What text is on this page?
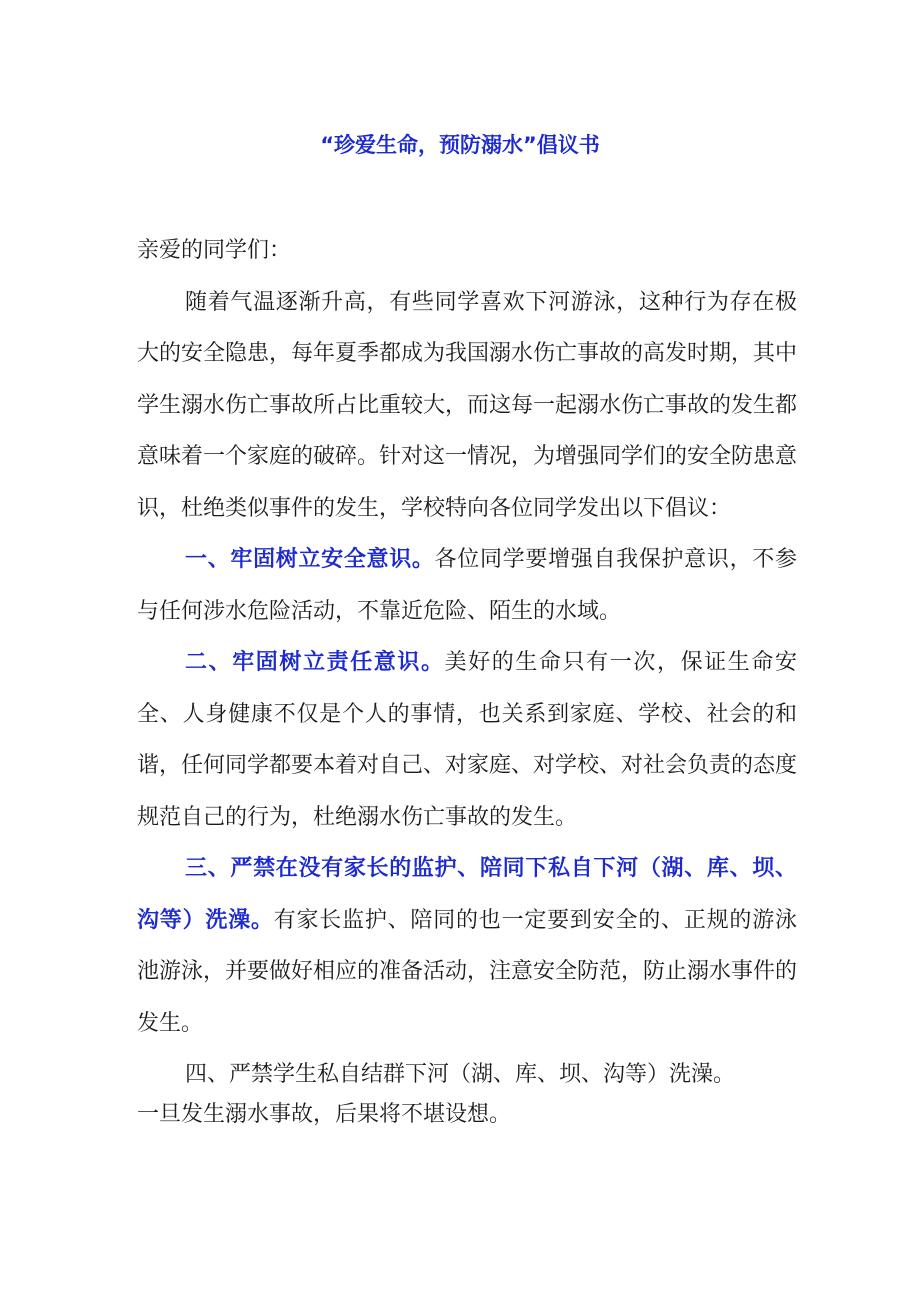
“珍爱生命，预防溺水”倡议书

亲爱的同学们：

随着气温逐渐升高，有些同学喜欢下河游泳，这种行为存在极大的安全隐患，每年夏季都成为我国溺水伤亡事故的高发时期，其中学生溺水伤亡事故所占比重较大，而这每一起溺水伤亡事故的发生都意味着一个家庭的破碎。针对这一情况，为增强同学们的安全防患意识，杜绝类似事件的发生，学校特向各位同学发出以下倡议：

一、牢固树立安全意识。各位同学要增强自我保护意识，不参与任何涉水危险活动，不靠近危险、陌生的水域。

二、牢固树立责任意识。美好的生命只有一次，保证生命安全、人身健康不仅是个人的事情，也关系到家庭、学校、社会的和谐，任何同学都要本着对自己、对家庭、对学校、对社会负责的态度规范自己的行为，杜绝溺水伤亡事故的发生。

三、严禁在没有家长的监护、陪同下私自下河（湖、库、坝、沟等）洗澡。有家长监护、陪同的也一定要到安全的、正规的游泳池游泳，并要做好相应的准备活动，注意安全防范，防止溺水事件的发生。

四、严禁学生私自结群下河（湖、库、坝、沟等）洗澡。

一旦发生溺水事故，后果将不堪设想。
